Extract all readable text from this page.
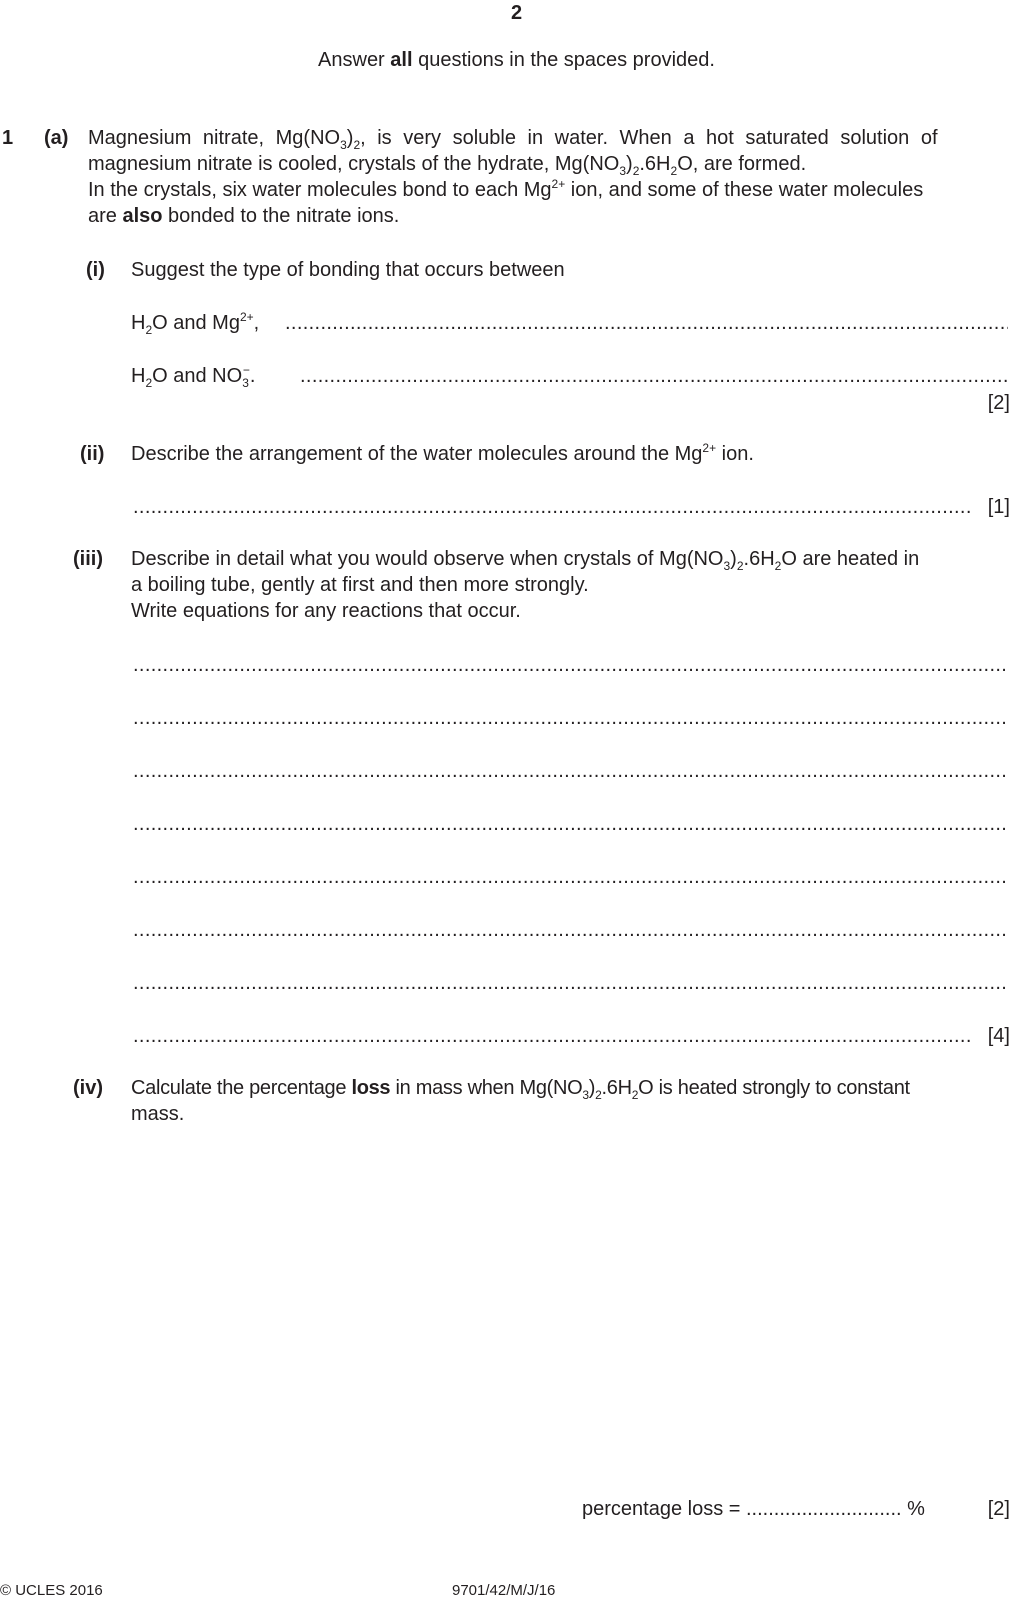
2
Answer all questions in the spaces provided.
1 (a) Magnesium nitrate, $Mg(NO_3)_2$, is very soluble in water. When a hot saturated solution of
magnesium nitrate is cooled, crystals of the hydrate, $Mg(NO_3)_2.6H_2O$, are formed.
In the crystals, six water molecules bond to each $Mg^{2+}$ ion, and some of these water molecules
are also bonded to the nitrate ions.
(i) Suggest the type of bonding that occurs between
$H_2O$ and $Mg^{2+}$,
.....
$H_2O$ and $NO_3^-$.
.....
[2]
(ii) Describe the arrangement of the water molecules around the $Mg^{2+}$ ion.
.....
[1]
(iii) Describe in detail what you would observe when crystals of $Mg(NO_3)_2.6H_2O$ are heated in
a boiling tube, gently at first and then more strongly.
Write equations for any reactions that occur.
.....
.....
.....
.....
.....
.....
.....
.....
[4]
(iv) Calculate the percentage loss in mass when $Mg(NO_3)_2.6H_2O$ is heated strongly to constant
mass.
percentage loss = ............................ %	[2]
© UCLES 2016	9701/42/M/J/16
